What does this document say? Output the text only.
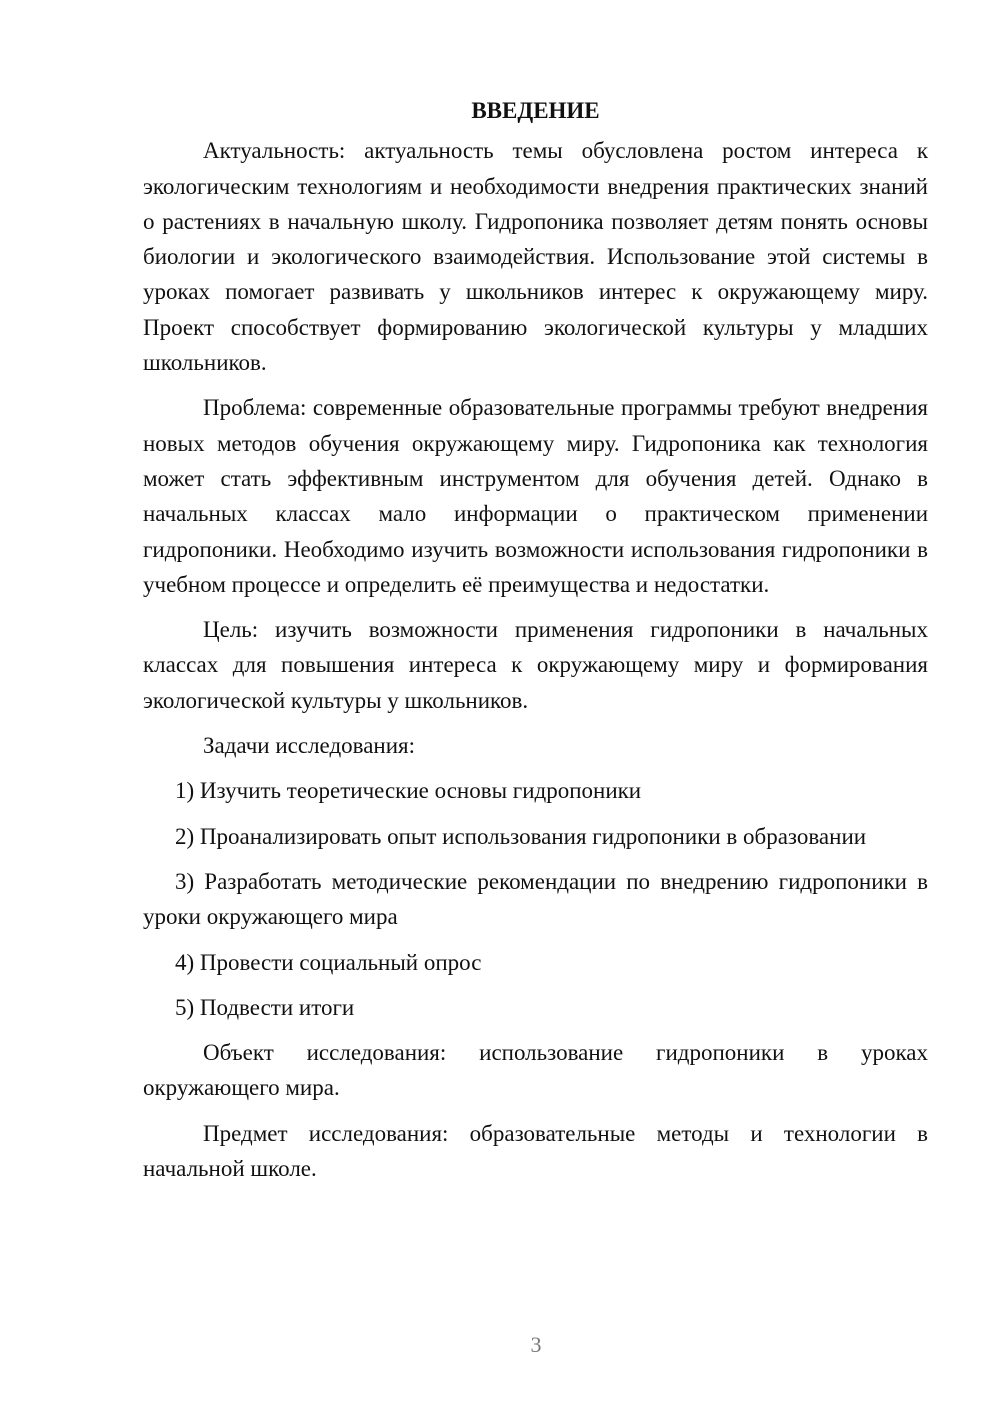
ВВЕДЕНИЕ

Актуальность: актуальность темы обусловлена ростом интереса к экологическим технологиям и необходимости внедрения практических знаний о растениях в начальную школу. Гидропоника позволяет детям понять основы биологии и экологического взаимодействия. Использование этой системы в уроках помогает развивать у школьников интерес к окружающему миру. Проект способствует формированию экологической культуры у младших школьников.

Проблема: современные образовательные программы требуют внедрения новых методов обучения окружающему миру. Гидропоника как технология может стать эффективным инструментом для обучения детей. Однако в начальных классах мало информации о практическом применении гидропоники. Необходимо изучить возможности использования гидропоники в учебном процессе и определить её преимущества и недостатки.

Цель: изучить возможности применения гидропоники в начальных классах для повышения интереса к окружающему миру и формирования экологической культуры у школьников.

Задачи исследования:

1) Изучить теоретические основы гидропоники

2) Проанализировать опыт использования гидропоники в образовании

3) Разработать методические рекомендации по внедрению гидропоники в уроки окружающего мира

4) Провести социальный опрос

5) Подвести итоги

Объект исследования: использование гидропоники в уроках окружающего мира.

Предмет исследования: образовательные методы и технологии в начальной школе.

3
